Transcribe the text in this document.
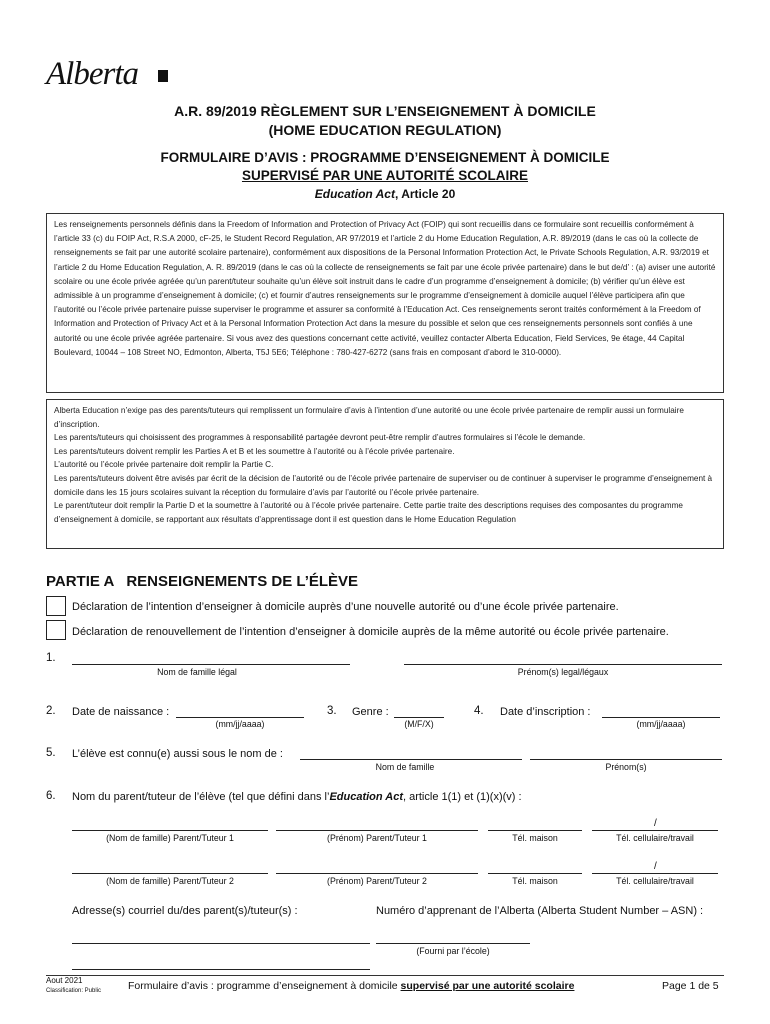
Alberta
A.R. 89/2019 RÈGLEMENT SUR L’ENSEIGNEMENT À DOMICILE
(HOME EDUCATION REGULATION)
FORMULAIRE D’AVIS : PROGRAMME D’ENSEIGNEMENT À DOMICILE
SUPERVISÉ PAR UNE AUTORITÉ SCOLAIRE
Education Act, Article 20

Les renseignements personnels définis dans la Freedom of Information and Protection of Privacy Act (FOIP) qui sont recueillis dans ce formulaire sont recueillis conformément à l’article 33 (c) du FOIP Act, R.S.A 2000, cF-25, le Student Record Regulation, AR 97/2019 et l’article 2 du Home Education Regulation, A.R. 89/2019 (dans le cas où la collecte de renseignements se fait par une autorité scolaire partenaire), conformément aux dispositions de la Personal Information Protection Act, le Private Schools Regulation, A.R. 93/2019 et l’article 2 du Home Education Regulation, A. R. 89/2019 (dans le cas où la collecte de renseignements se fait par une école privée partenaire) dans le but de/d’ : (a) aviser une autorité scolaire ou une école privée agréée qu’un parent/tuteur souhaite qu’un élève soit instruit dans le cadre d’un programme d’enseignement à domicile; (b) vérifier qu’un élève est admissible à un programme d’enseignement à domicile; (c) et fournir d’autres renseignements sur le programme d’enseignement à domicile auquel l’élève participera afin que l’autorité ou l’école privée partenaire puisse superviser le programme et assurer sa conformité à l’Education Act. Ces renseignements seront traités conformément à la Freedom of Information and Protection of Privacy Act et à la Personal Information Protection Act dans la mesure du possible et selon que ces renseignements personnels sont confiés à une autorité ou une école privée agréée partenaire. Si vous avez des questions concernant cette activité, veuillez contacter Alberta Education, Field Services, 9e étage, 44 Capital Boulevard, 10044 – 108 Street NO, Edmonton, Alberta, T5J 5E6; Téléphone : 780-427-6272 (sans frais en composant d’abord le 310-0000).

Alberta Education n’exige pas des parents/tuteurs qui remplissent un formulaire d’avis à l’intention d’une autorité ou une école privée partenaire de remplir aussi un formulaire d’inscription.

Les parents/tuteurs qui choisissent des programmes à responsabilité partagée devront peut-être remplir d’autres formulaires si l’école le demande.

Les parents/tuteurs doivent remplir les Parties A et B et les soumettre à l’autorité ou à l’école privée partenaire.

L’autorité ou l’école privée partenaire doit remplir la Partie C.

Les parents/tuteurs doivent être avisés par écrit de la décision de l’autorité ou de l’école privée partenaire de superviser ou de continuer à superviser le programme d’enseignement à domicile dans les 15 jours scolaires suivant la réception du formulaire d’avis par l’autorité ou l’école privée partenaire.

Le parent/tuteur doit remplir la Partie D et la soumettre à l’autorité ou à l’école privée partenaire. Cette partie traite des descriptions requises des composantes du programme d’enseignement à domicile, se rapportant aux résultats d’apprentissage dont il est question dans le Home Education Regulation

PARTIE A RENSEIGNEMENTS DE L’ÉLÈVE
Déclaration de l’intention d’enseigner à domicile auprès d’une nouvelle autorité ou d’une école privée partenaire.
Déclaration de renouvellement de l’intention d’enseigner à domicile auprès de la même autorité ou école privée partenaire.
1.
Nom de famille légal	Prénom(s) legal/légaux
2. Date de naissance :
(mm/jj/aaaa)
3. Genre :
(M/F/X)
4. Date d’inscription :
(mm/jj/aaaa)
5. L’élève est connu(e) aussi sous le nom de :
Nom de famille	Prénom(s)
6. Nom du parent/tuteur de l’élève (tel que défini dans l’Education Act, article 1(1) et (1)(x)(v) :
/
(Nom de famille) Parent/Tuteur 1	(Prénom) Parent/Tuteur 1	Tél. maison	Tél. cellulaire/travail
/
(Nom de famille) Parent/Tuteur 2	(Prénom) Parent/Tuteur 2	Tél. maison	Tél. cellulaire/travail
Adresse(s) courriel du/des parent(s)/tuteur(s) :	Numéro d’apprenant de l’Alberta (Alberta Student Number – ASN) :
(Fourni par l’école)
Aout 2021
Classification: Public	Formulaire d’avis : programme d’enseignement à domicile supervisé par une autorité scolaire	Page 1 de 5
